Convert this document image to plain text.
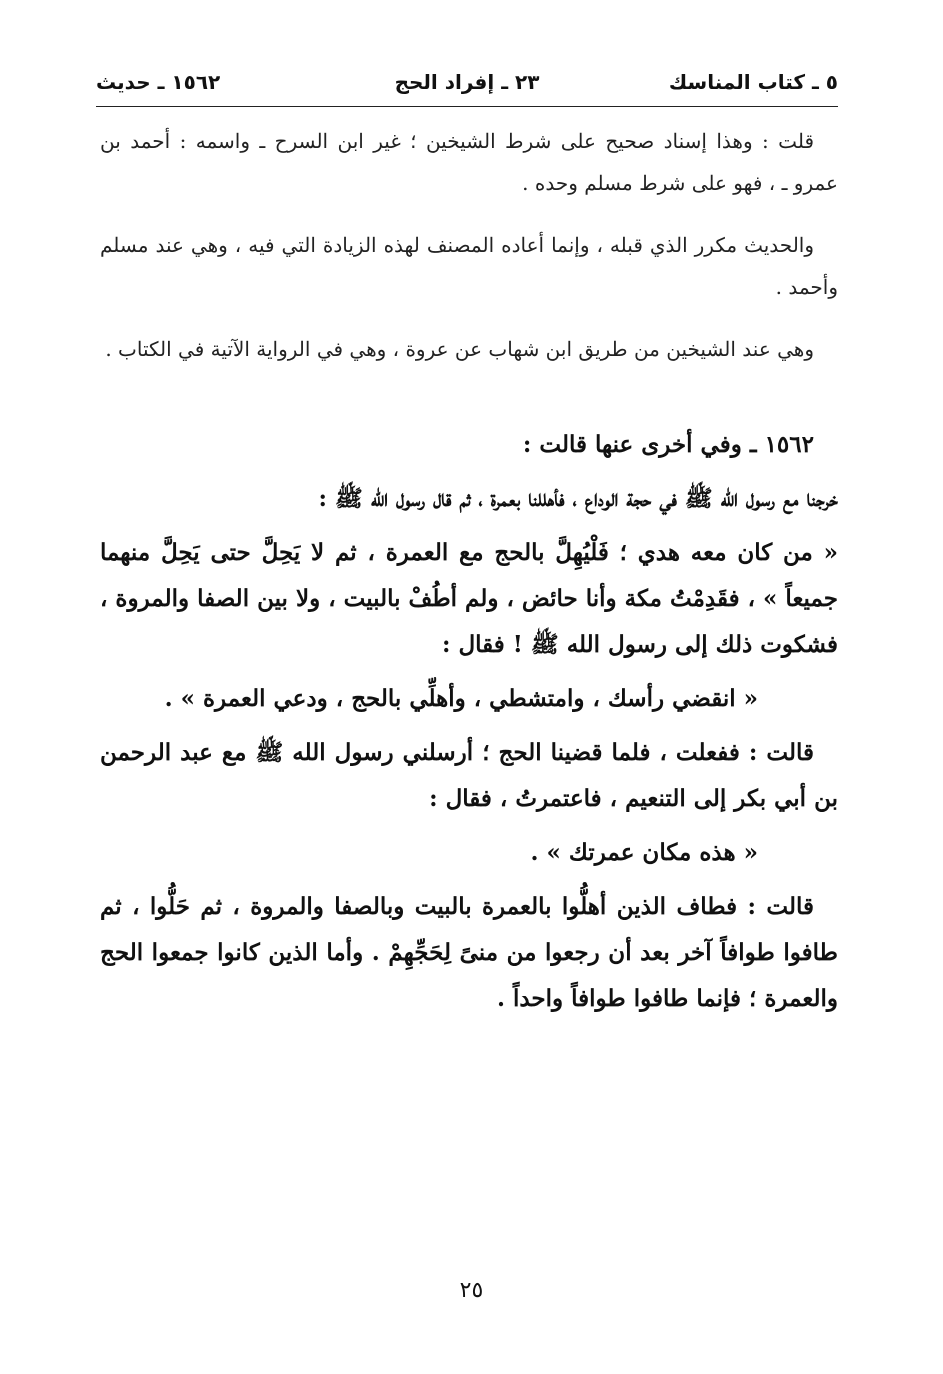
٥ ـ كتاب المناسك
٢٣ ـ إفراد الحج
١٥٦٢ ـ حديث

قلت : وهذا إسناد صحيح على شرط الشيخين ؛ غير ابن السرح ـ واسمه : أحمد بن عمرو ـ ، فهو على شرط مسلم وحده .

والحديث مكرر الذي قبله ، وإنما أعاده المصنف لهذه الزيادة التي فيه ، وهي عند مسلم وأحمد .

وهي عند الشيخين من طريق ابن شهاب عن عروة ، وهي في الرواية الآتية في الكتاب .

١٥٦٢ ـ وفي أخرى عنها قالت :

خرجنا مع رسول الله ﷺ في حجة الوداع ، فأهللنا بعمرة ، ثم قال رسول الله ﷺ :

« من كان معه هدي ؛ فَلْيُهِلَّ بالحج مع العمرة ، ثم لا يَحِلَّ حتى يَحِلَّ منهما جميعاً » ، فقَدِمْتُ مكة وأنا حائض ، ولم أطُفْ بالبيت ، ولا بين الصفا والمروة ، فشكوت ذلك إلى رسول الله ﷺ ! فقال :

« انقضي رأسك ، وامتشطي ، وأهلِّي بالحج ، ودعي العمرة » .

قالت : ففعلت ، فلما قضينا الحج ؛ أرسلني رسول الله ﷺ مع عبد الرحمن بن أبي بكر إلى التنعيم ، فاعتمرتُ ، فقال :

« هذه مكان عمرتك » .

قالت : فطاف الذين أهلُّوا بالعمرة بالبيت وبالصفا والمروة ، ثم حَلُّوا ، ثم طافوا طوافاً آخر بعد أن رجعوا من منىً لِحَجِّهِمْ . وأما الذين كانوا جمعوا الحج والعمرة ؛ فإنما طافوا طوافاً واحداً .

٢٥
